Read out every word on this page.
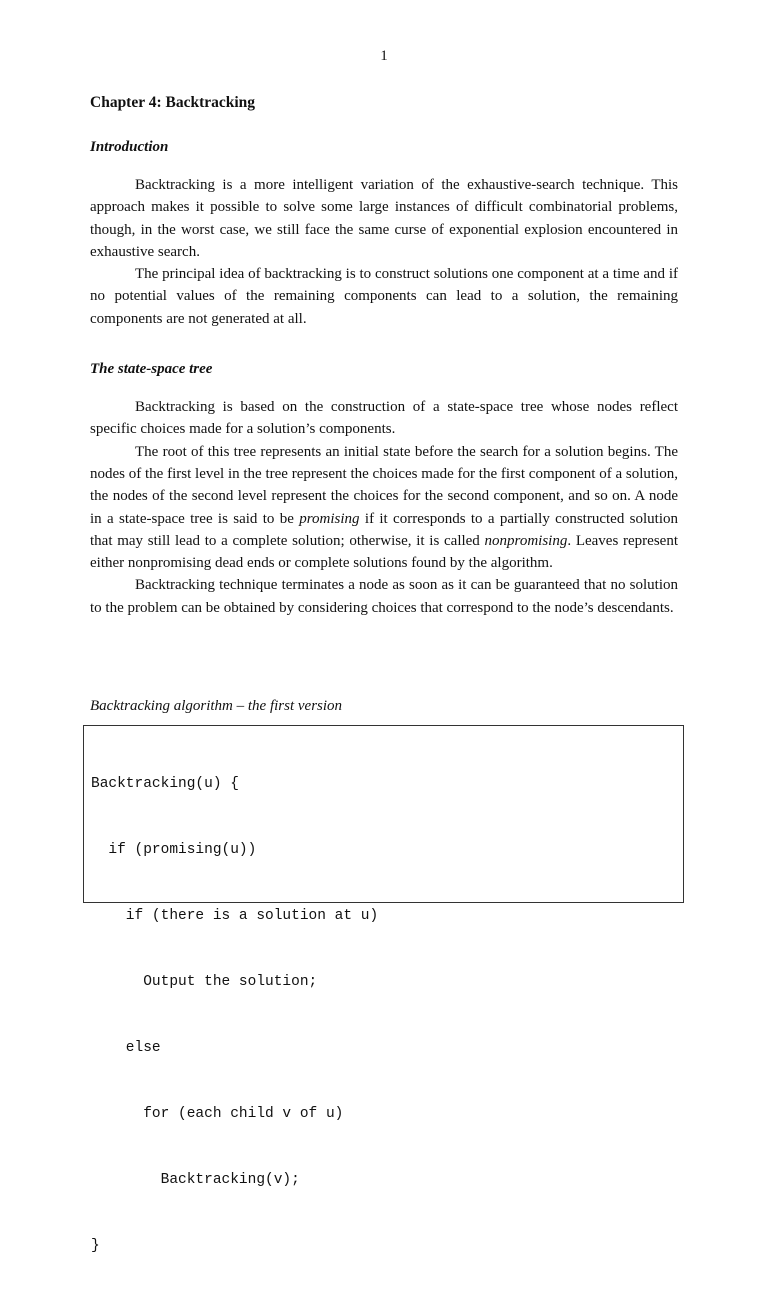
1
Chapter 4: Backtracking
Introduction

Backtracking is a more intelligent variation of the exhaustive-search technique. This approach makes it possible to solve some large instances of difficult combinatorial problems, though, in the worst case, we still face the same curse of exponential explosion encountered in exhaustive search.

The principal idea of backtracking is to construct solutions one component at a time and if no potential values of the remaining components can lead to a solution, the remaining components are not generated at all.

The state-space tree

Backtracking is based on the construction of a state-space tree whose nodes reflect specific choices made for a solution’s components.

The root of this tree represents an initial state before the search for a solution begins. The nodes of the first level in the tree represent the choices made for the first component of a solution, the nodes of the second level represent the choices for the second component, and so on. A node in a state-space tree is said to be promising if it corresponds to a partially constructed solution that may still lead to a complete solution; otherwise, it is called nonpromising. Leaves represent either nonpromising dead ends or complete solutions found by the algorithm.

Backtracking technique terminates a node as soon as it can be guaranteed that no solution to the problem can be obtained by considering choices that correspond to the node’s descendants.

Backtracking algorithm – the first version

Backtracking(u) {

if (promising(u))

if (there is a solution at u)

Output the solution;

else

for (each child v of u)

Backtracking(v);

}
